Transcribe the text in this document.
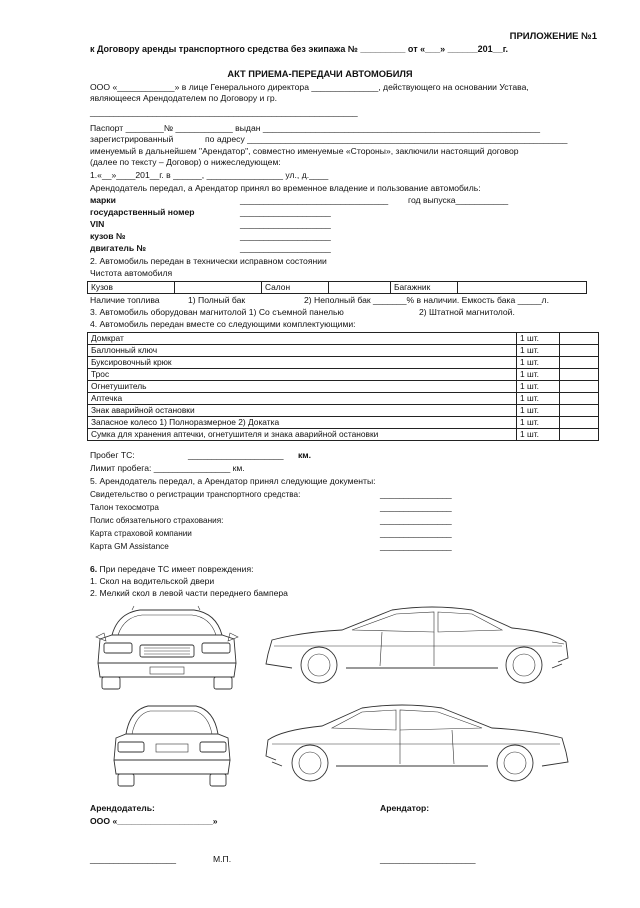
ПРИЛОЖЕНИЕ №1
к Договору аренды транспортного средства без экипажа № _________ от «___» ______201__г.
АКТ ПРИЕМА-ПЕРЕДАЧИ АВТОМОБИЛЯ
ООО «____________» в лице Генерального директора ______________, действующего на основании Устава,
являющееся Арендодателем по Договору и гр.
________________________________________________________
Паспорт ________№ ____________ выдан __________________________________________________________
зарегистрированный	по адресу ___________________________________________________________________
именуемый в дальнейшем "Арендатор", совместно именуемые «Стороны», заключили настоящий договор
(далее по тексту – Договор) о нижеследующем:
1.«__»____201__г. в ______, ________________ ул., д.____
Арендодатель передал, а Арендатор принял во временное владение и пользование автомобиль:
марки	_______________________________ год выпуска___________
государственный номер	___________________
VIN	___________________
кузов №	___________________
двигатель №	___________________
2. Автомобиль передан в технически исправном состоянии
Чистота автомобиля
Кузов		Салон		Багажник	
Наличие топлива	1) Полный бак	2) Неполный бак _______% в наличии. Емкость бака _____л.
3. Автомобиль оборудован магнитолой 1) Со съемной панелью	2) Штатной магнитолой.
4. Автомобиль передан вместе со следующими комплектующими:
Домкрат	1 шт.	
Баллонный ключ	1 шт.	
Буксировочный крюк	1 шт.	
Трос	1 шт.	
Огнетушитель	1 шт.	
Аптечка	1 шт.	
Знак аварийной остановки	1 шт.	
Запасное колесо 1) Полноразмерное 2) Докатка	1 шт.	
Сумка для хранения аптечки, огнетушителя и знака аварийной остановки	1 шт.	
Пробег ТС:	____________________ км.
Лимит пробега: ________________ км.
5. Арендодатель передал, а Арендатор принял следующие документы:
Свидетельство о регистрации транспортного средства:	_______________
Талон техосмотра	_______________
Полис обязательного страхования:	_______________
Карта страховой компании	_______________
Карта GM Assistance	_______________
6. При передаче ТС имеет повреждения:
1. Скол на водительской двери
2. Мелкий скол в левой части переднего бампера
Арендодатель:
ООО «____________________»
Арендатор:
__________________	М.П.	____________________
